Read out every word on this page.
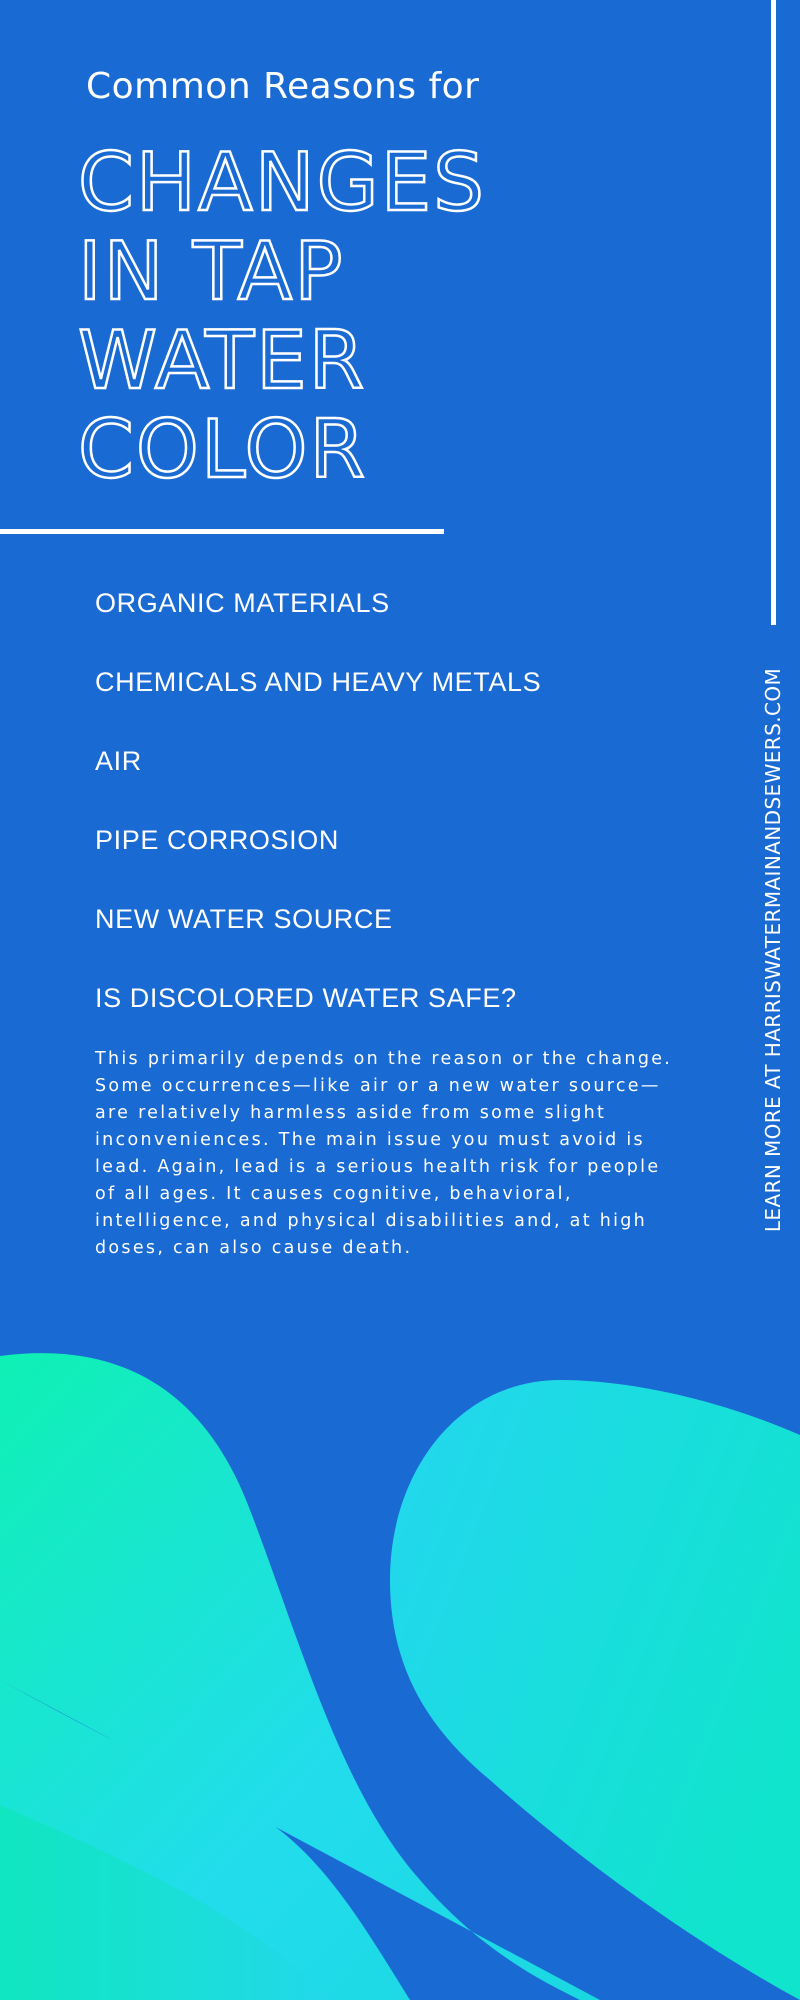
Common Reasons for
CHANGES
IN TAP
WATER
COLOR
ORGANIC MATERIALS
CHEMICALS AND HEAVY METALS
AIR
PIPE CORROSION
NEW WATER SOURCE
IS DISCOLORED WATER SAFE?

This primarily depends on the reason or the change. Some occurrences—like air or a new water source—are relatively harmless aside from some slight inconveniences. The main issue you must avoid is lead. Again, lead is a serious health risk for people of all ages. It causes cognitive, behavioral, intelligence, and physical disabilities and, at high doses, can also cause death.

LEARN MORE AT HARRISWATERMAINANDSEWERS.COM
